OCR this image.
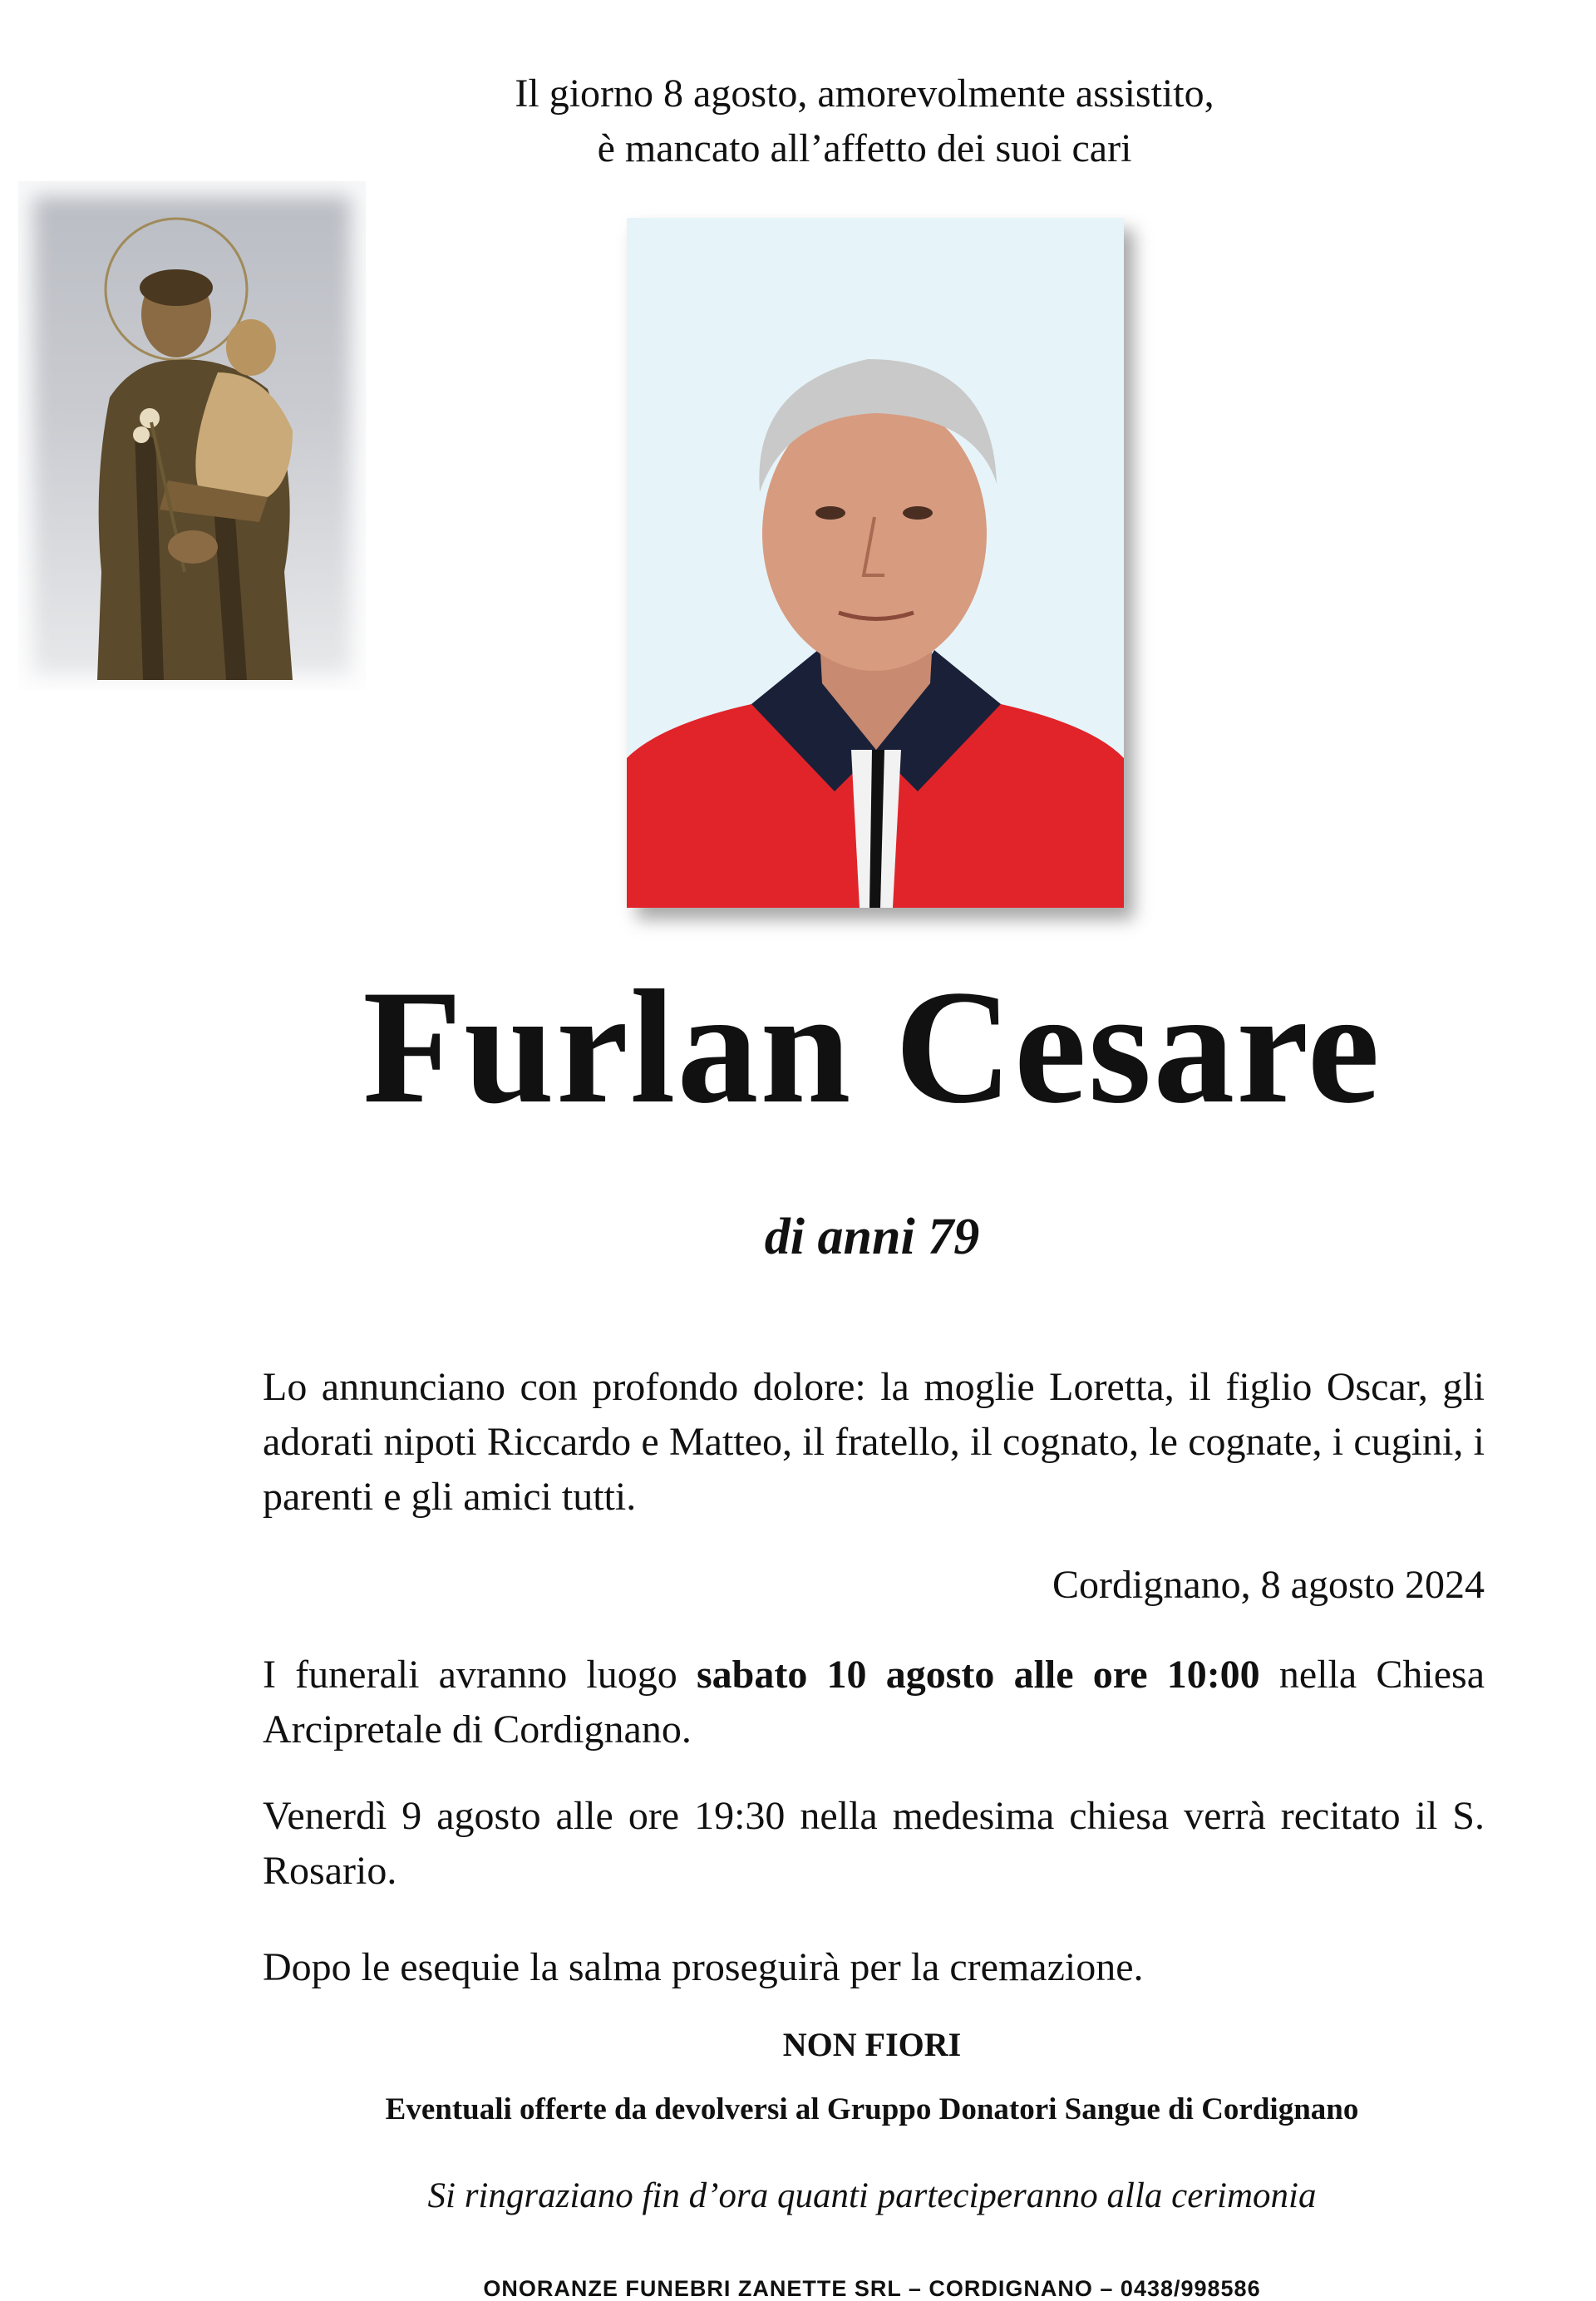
Il giorno 8 agosto, amorevolmente assistito,
è mancato all’affetto dei suoi cari
Furlan Cesare
di anni 79
Lo annunciano con profondo dolore: la moglie Loretta, il figlio Oscar, gli adorati nipoti Riccardo e Matteo, il fratello, il cognato, le cognate, i cugini, i parenti e gli amici tutti.
Cordignano, 8 agosto 2024
I funerali avranno luogo sabato 10 agosto alle ore 10:00 nella Chiesa Arcipretale di Cordignano.
Venerdì 9 agosto alle ore 19:30 nella medesima chiesa verrà recitato il S. Rosario.
Dopo le esequie la salma proseguirà per la cremazione.
NON FIORI
Eventuali offerte da devolversi al Gruppo Donatori Sangue di Cordignano
Si ringraziano fin d’ora quanti parteciperanno alla cerimonia
ONORANZE FUNEBRI ZANETTE SRL – CORDIGNANO – 0438/998586
